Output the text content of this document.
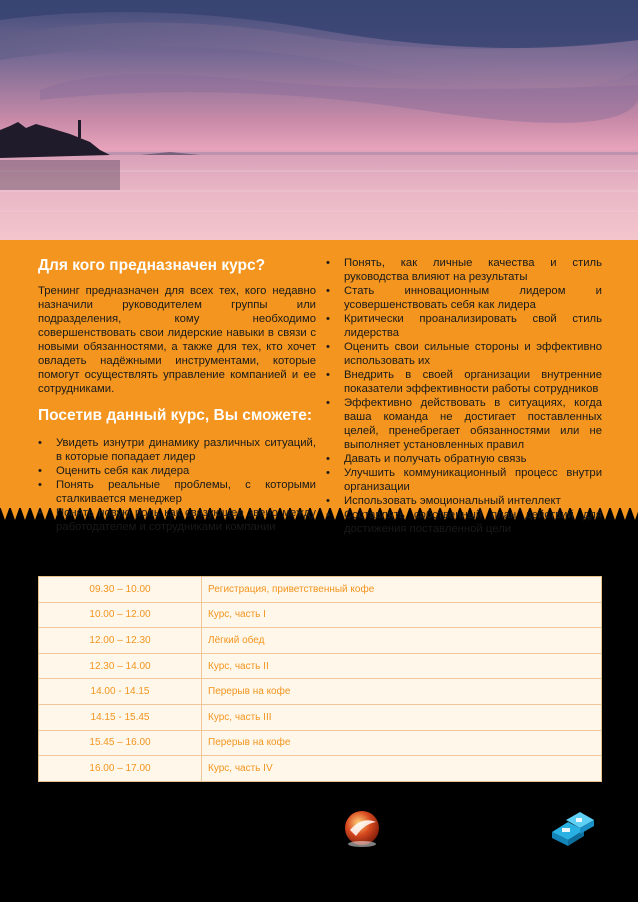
Для кого предназначен курс?

Тренинг предназначен для всех тех, кого недавно назначили руководителем группы или подразделения, кому необходимо совершенствовать свои лидерские навыки в связи с новыми обязанностями, а также для тех, кто хочет овладеть надёжными инструментами, которые помогут осуществлять управление компанией и ее сотрудниками.

Посетив данный курс, Вы сможете:
• Увидеть изнутри динамику различных ситуаций, в которые попадает лидер
• Оценить себя как лидера
• Понять реальные проблемы, с которыми сталкивается менеджер
• Понять новую роль как связующее звено между работодателем и сотрудниками компании
• Понять, как личные качества и стиль руководства влияют на результаты
• Стать инновационным лидером и усовершенствовать себя как лидера
• Критически проанализировать свой стиль лидерства
• Оценить свои сильные стороны и эффективно использовать их
• Внедрить в своей организации внутренние показатели эффективности работы сотрудников
• Эффективно действовать в ситуациях, когда ваша команда не достигает поставленных целей, пренебрегает обязанностями или не выполняет установленных правил
• Давать и получать обратную связь
• Улучшить коммуникационный процесс внутри организации
• Использовать эмоциональный интеллект
• Составлять собственный план действий для достижения поставленной цели
09.30 – 10.00	Регистрация, приветственный кофе
10.00 – 12.00	Курс, часть I
12.00 – 12.30	Лёгкий обед
12.30 – 14.00	Курс, часть II
14.00 - 14.15	Перерыв на кофе
14.15 - 15.45	Курс, часть III
15.45 – 16.00	Перерыв на кофе
16.00 – 17.00	Курс, часть IV
